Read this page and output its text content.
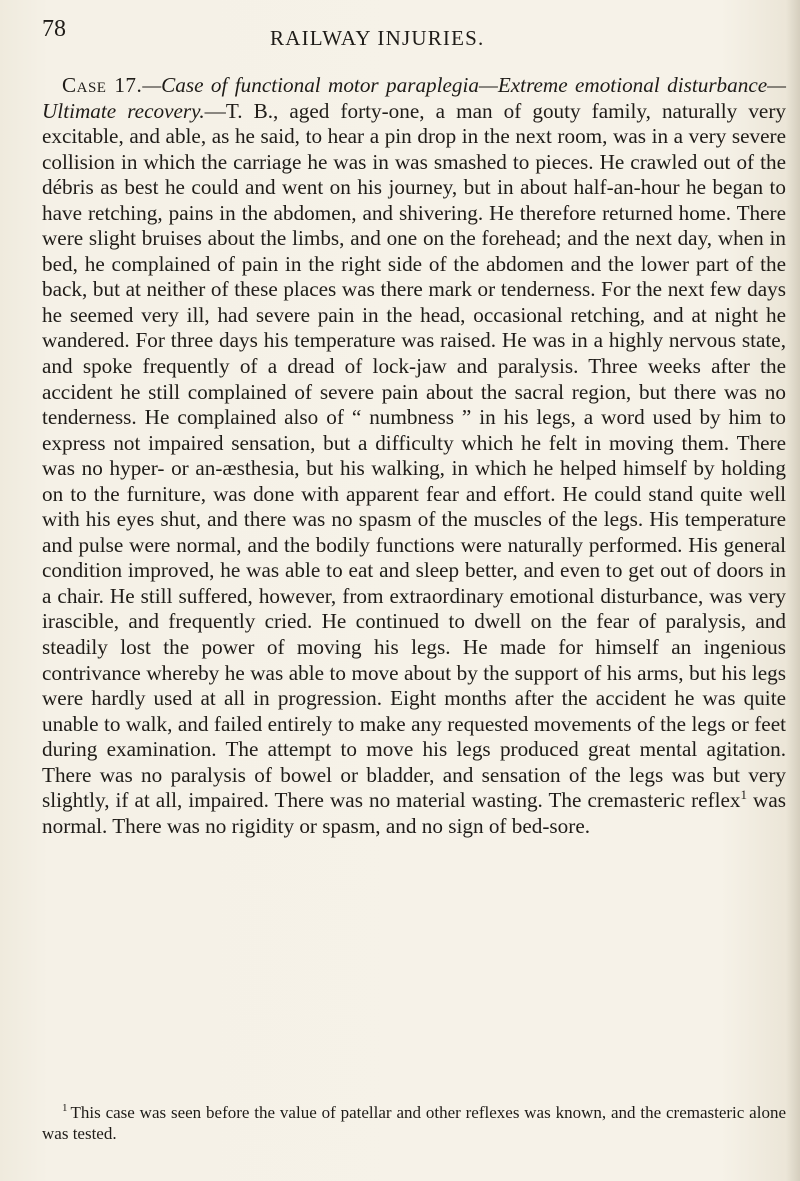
78	RAILWAY INJURIES.

Case 17.—Case of functional motor paraplegia—Extreme emotional disturbance—Ultimate recovery.—T. B., aged forty-one, a man of gouty family, naturally very excitable, and able, as he said, to hear a pin drop in the next room, was in a very severe collision in which the carriage he was in was smashed to pieces. He crawled out of the débris as best he could and went on his journey, but in about half-an-hour he began to have retching, pains in the abdomen, and shivering. He therefore returned home. There were slight bruises about the limbs, and one on the forehead; and the next day, when in bed, he complained of pain in the right side of the abdomen and the lower part of the back, but at neither of these places was there mark or tenderness. For the next few days he seemed very ill, had severe pain in the head, occasional retching, and at night he wandered. For three days his temperature was raised. He was in a highly nervous state, and spoke frequently of a dread of lock-jaw and paralysis. Three weeks after the accident he still complained of severe pain about the sacral region, but there was no tenderness. He complained also of “ numbness ” in his legs, a word used by him to express not impaired sensation, but a difficulty which he felt in moving them. There was no hyper- or an-æsthesia, but his walking, in which he helped himself by holding on to the furniture, was done with apparent fear and effort. He could stand quite well with his eyes shut, and there was no spasm of the muscles of the legs. His temperature and pulse were normal, and the bodily functions were naturally performed. His general condition improved, he was able to eat and sleep better, and even to get out of doors in a chair. He still suffered, however, from extraordinary emotional disturbance, was very irascible, and frequently cried. He continued to dwell on the fear of paralysis, and steadily lost the power of moving his legs. He made for himself an ingenious contrivance whereby he was able to move about by the support of his arms, but his legs were hardly used at all in progression. Eight months after the accident he was quite unable to walk, and failed entirely to make any requested movements of the legs or feet during examination. The attempt to move his legs produced great mental agitation. There was no paralysis of bowel or bladder, and sensation of the legs was but very slightly, if at all, impaired. There was no material wasting. The cremasteric reflex$^1$ was normal. There was no rigidity or spasm, and no sign of bed-sore.

$^1$ This case was seen before the value of patellar and other reflexes was known, and the cremasteric alone was tested.
